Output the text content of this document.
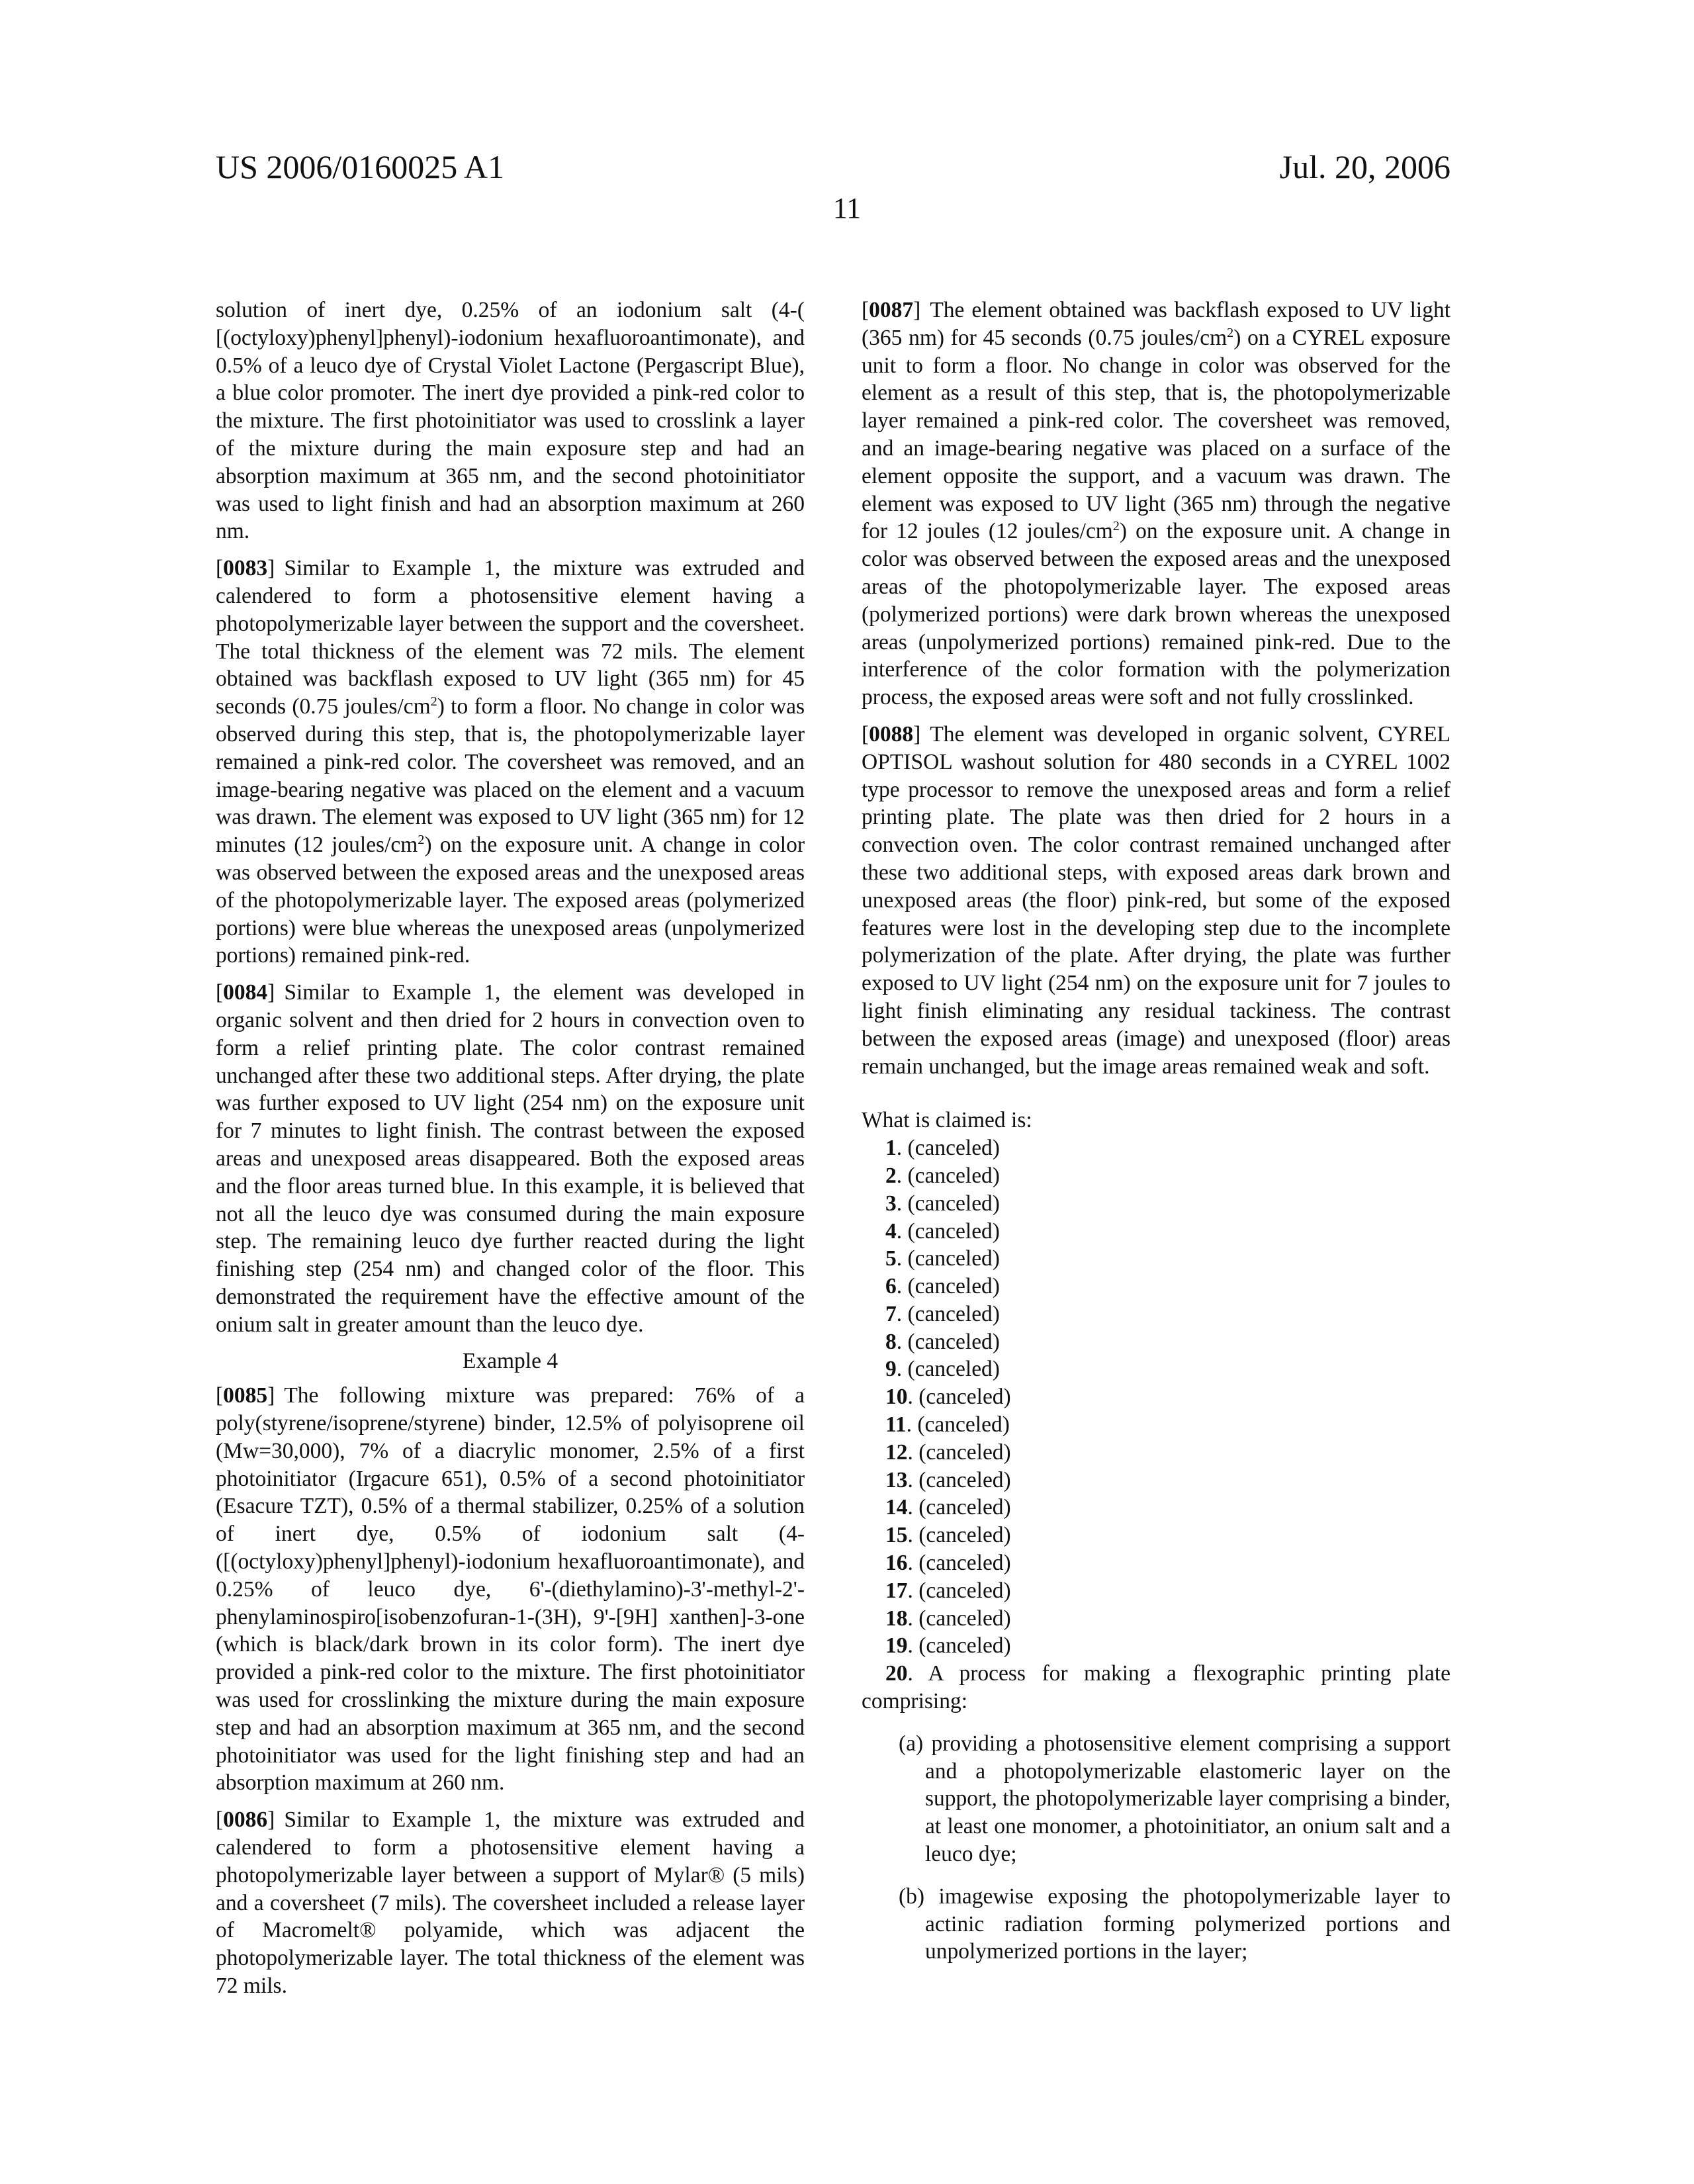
US 2006/0160025 A1	Jul. 20, 2006
11

solution of inert dye, 0.25% of an iodonium salt (4-( [(octyloxy)phenyl]phenyl)-iodonium hexafluoroantimonate), and 0.5% of a leuco dye of Crystal Violet Lactone (Pergascript Blue), a blue color promoter. The inert dye provided a pink-red color to the mixture. The first photoinitiator was used to crosslink a layer of the mixture during the main exposure step and had an absorption maximum at 365 nm, and the second photoinitiator was used to light finish and had an absorption maximum at 260 nm.

[ 0083 ] Similar to Example 1, the mixture was extruded and calendered to form a photosensitive element having a photopolymerizable layer between the support and the coversheet. The total thickness of the element was 72 mils. The element obtained was backflash exposed to UV light (365 nm) for 45 seconds (0.75 joules/$cm^2$) to form a floor. No change in color was observed during this step, that is, the photopolymerizable layer remained a pink-red color. The coversheet was removed, and an image-bearing negative was placed on the element and a vacuum was drawn. The element was exposed to UV light (365 nm) for 12 minutes (12 joules/$cm^2$) on the exposure unit. A change in color was observed between the exposed areas and the unexposed areas of the photopolymerizable layer. The exposed areas (polymerized portions) were blue whereas the unexposed areas (unpolymerized portions) remained pink-red.

[ 0084 ] Similar to Example 1, the element was developed in organic solvent and then dried for 2 hours in convection oven to form a relief printing plate. The color contrast remained unchanged after these two additional steps. After drying, the plate was further exposed to UV light (254 nm) on the exposure unit for 7 minutes to light finish. The contrast between the exposed areas and unexposed areas disappeared. Both the exposed areas and the floor areas turned blue. In this example, it is believed that not all the leuco dye was consumed during the main exposure step. The remaining leuco dye further reacted during the light finishing step (254 nm) and changed color of the floor. This demonstrated the requirement have the effective amount of the onium salt in greater amount than the leuco dye.

Example 4

[ 0085 ] The following mixture was prepared: 76% of a poly(styrene/isoprene/styrene) binder, 12.5% of polyisoprene oil (Mw=30,000), 7% of a diacrylic monomer, 2.5% of a first photoinitiator (Irgacure 651), 0.5% of a second photoinitiator (Esacure TZT), 0.5% of a thermal stabilizer, 0.25% of a solution of inert dye, 0.5% of iodonium salt (4-([(octyloxy)phenyl]phenyl)-iodonium hexafluoroantimonate), and 0.25% of leuco dye, 6'-(diethylamino)-3'-methyl-2'-phenylaminospiro[isobenzofuran-1-(3H), 9'-[9H] xanthen]-3-one (which is black/dark brown in its color form). The inert dye provided a pink-red color to the mixture. The first photoinitiator was used for crosslinking the mixture during the main exposure step and had an absorption maximum at 365 nm, and the second photoinitiator was used for the light finishing step and had an absorption maximum at 260 nm.

[ 0086 ] Similar to Example 1, the mixture was extruded and calendered to form a photosensitive element having a photopolymerizable layer between a support of Mylar® (5 mils) and a coversheet (7 mils). The coversheet included a release layer of Macromelt® polyamide, which was adjacent the photopolymerizable layer. The total thickness of the element was 72 mils.

[ 0087 ] The element obtained was backflash exposed to UV light (365 nm) for 45 seconds (0.75 joules/$cm^2$) on a CYREL exposure unit to form a floor. No change in color was observed for the element as a result of this step, that is, the photopolymerizable layer remained a pink-red color. The coversheet was removed, and an image-bearing negative was placed on a surface of the element opposite the support, and a vacuum was drawn. The element was exposed to UV light (365 nm) through the negative for 12 joules (12 joules/$cm^2$) on the exposure unit. A change in color was observed between the exposed areas and the unexposed areas of the photopolymerizable layer. The exposed areas (polymerized portions) were dark brown whereas the unexposed areas (unpolymerized portions) remained pink-red. Due to the interference of the color formation with the polymerization process, the exposed areas were soft and not fully crosslinked.

[ 0088 ] The element was developed in organic solvent, CYREL OPTISOL washout solution for 480 seconds in a CYREL 1002 type processor to remove the unexposed areas and form a relief printing plate. The plate was then dried for 2 hours in a convection oven. The color contrast remained unchanged after these two additional steps, with exposed areas dark brown and unexposed areas (the floor) pink-red, but some of the exposed features were lost in the developing step due to the incomplete polymerization of the plate. After drying, the plate was further exposed to UV light (254 nm) on the exposure unit for 7 joules to light finish eliminating any residual tackiness. The contrast between the exposed areas (image) and unexposed (floor) areas remain unchanged, but the image areas remained weak and soft.

What is claimed is:
1. (canceled)
2. (canceled)
3. (canceled)
4. (canceled)
5. (canceled)
6. (canceled)
7. (canceled)
8. (canceled)
9. (canceled)
10. (canceled)
11. (canceled)
12. (canceled)
13. (canceled)
14. (canceled)
15. (canceled)
16. (canceled)
17. (canceled)
18. (canceled)
19. (canceled)
20. A process for making a flexographic printing plate comprising:
(a) providing a photosensitive element comprising a support and a photopolymerizable elastomeric layer on the support, the photopolymerizable layer comprising a binder, at least one monomer, a photoinitiator, an onium salt and a leuco dye;
(b) imagewise exposing the photopolymerizable layer to actinic radiation forming polymerized portions and unpolymerized portions in the layer;
